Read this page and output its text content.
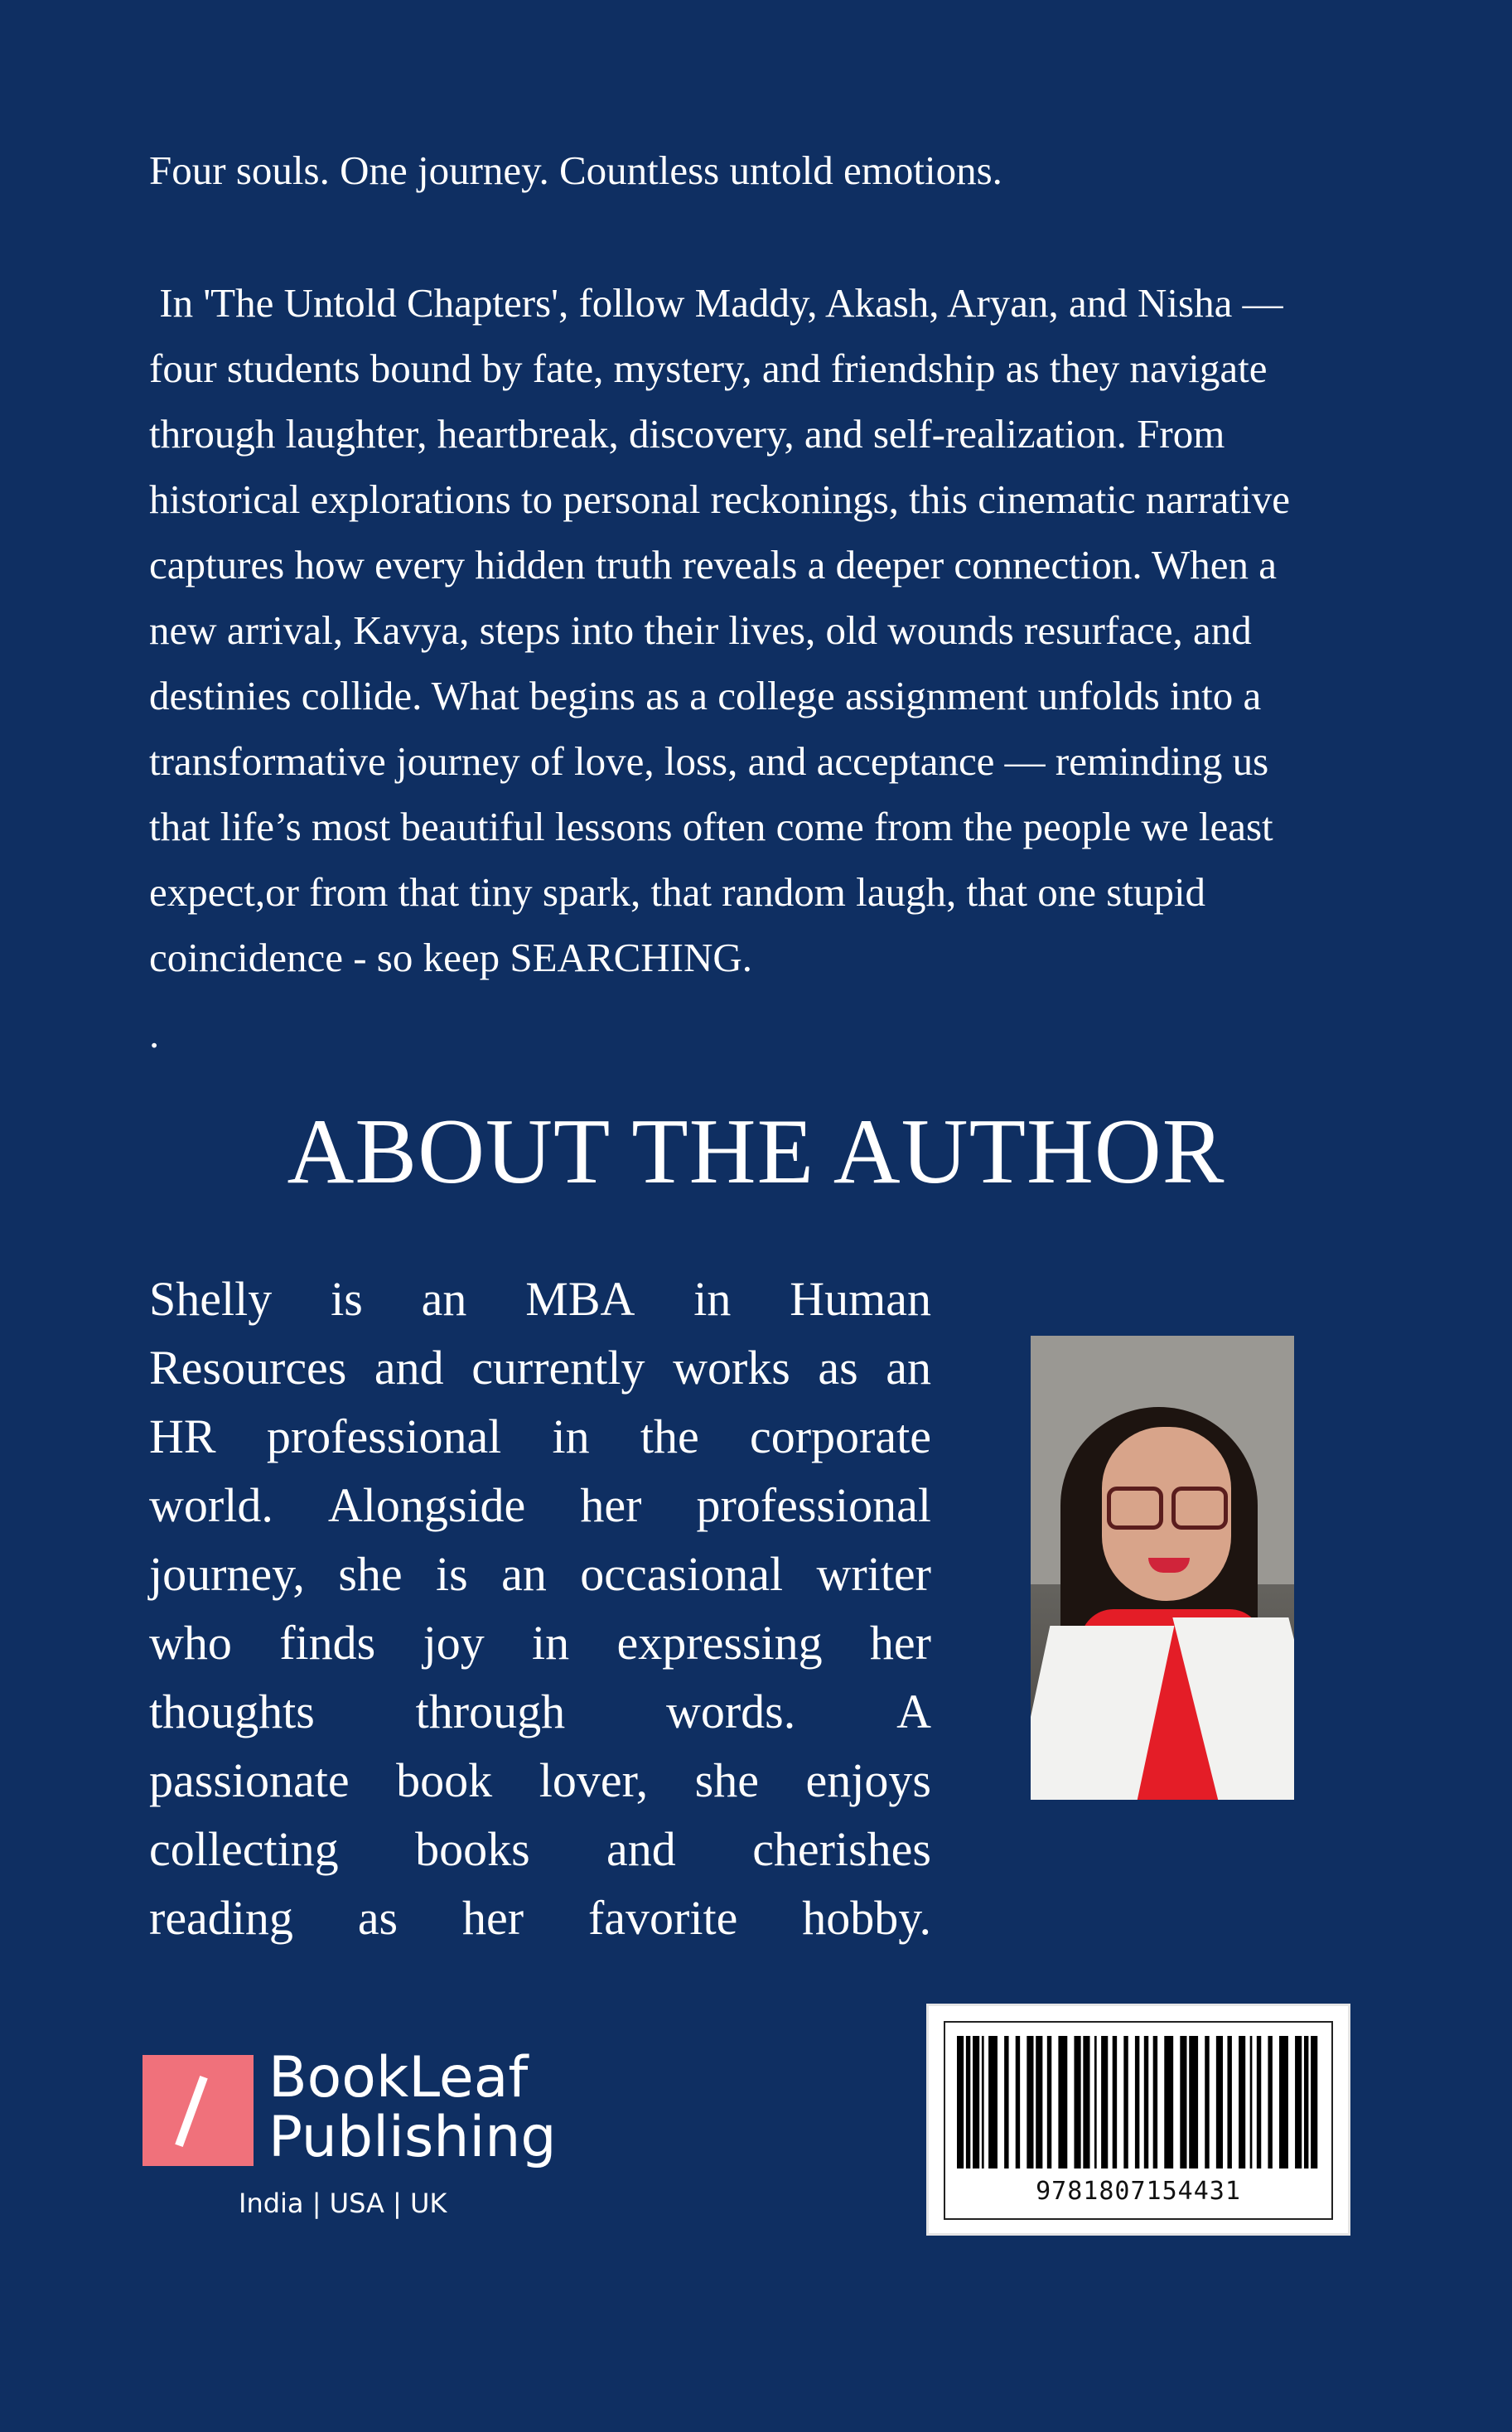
Four souls. One journey. Countless untold emotions.
In 'The Untold Chapters', follow Maddy, Akash, Aryan, and Nisha —
four students bound by fate, mystery, and friendship as they navigate
through laughter, heartbreak, discovery, and self-realization. From
historical explorations to personal reckonings, this cinematic narrative
captures how every hidden truth reveals a deeper connection. When a
new arrival, Kavya, steps into their lives, old wounds resurface, and
destinies collide. What begins as a college assignment unfolds into a
transformative journey of love, loss, and acceptance — reminding us
that life’s most beautiful lessons often come from the people we least
expect,or from that tiny spark, that random laugh, that one stupid
coincidence - so keep SEARCHING.
.
ABOUT THE AUTHOR
Shelly is an MBA in Human
Resources and currently works as an
HR professional in the corporate
world. Alongside her professional
journey, she is an occasional writer
who finds joy in expressing her
thoughts through words. A
passionate book lover, she enjoys
collecting books and cherishes
reading as her favorite hobby.
BookLeaf
Publishing
India | USA | UK	9781807154431
